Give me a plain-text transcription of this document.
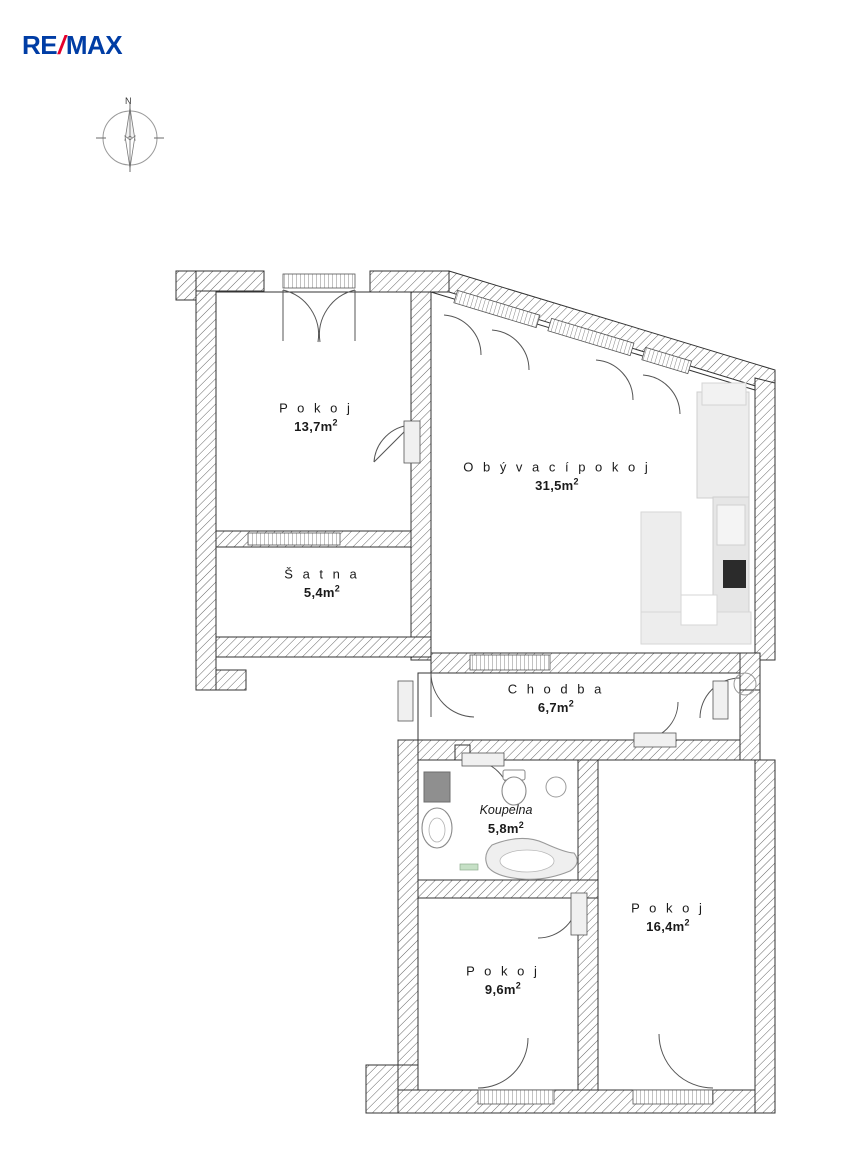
RE/MAX
N
P o k o j
$13,7m^2$
Š a t n a
$5,4m^2$
O b ý v a c í p o k o j
$31,5m^2$
C h o d b a
$6,7m^2$
Koupelna
$5,8m^2$
P o k o j
$16,4m^2$
P o k o j
$9,6m^2$
